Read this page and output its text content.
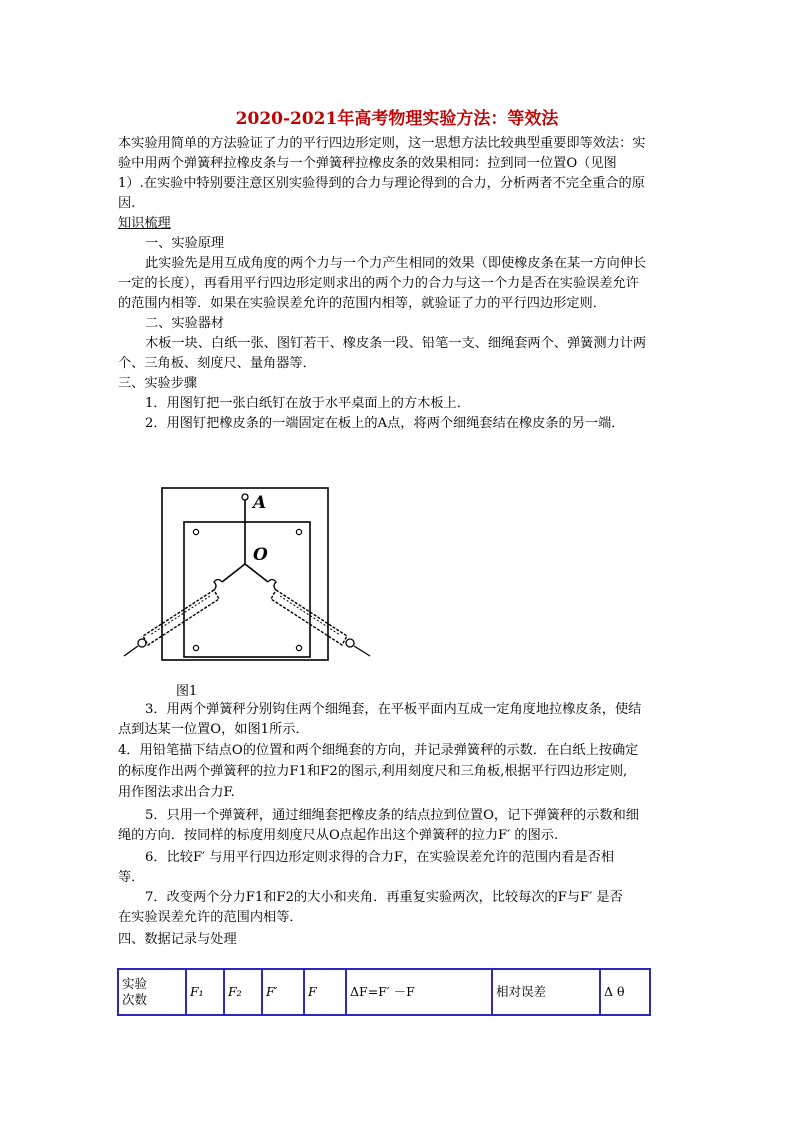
2020-2021年高考物理实验方法：等效法
本实验用简单的方法验证了力的平行四边形定则，这一思想方法比较典型重要即等效法：实
验中用两个弹簧秤拉橡皮条与一个弹簧秤拉橡皮条的效果相同：拉到同一位置O（见图
1）.在实验中特别要注意区别实验得到的合力与理论得到的合力，分析两者不完全重合的原
因.
知识梳理
一、实验原理
此实验先是用互成角度的两个力与一个力产生相同的效果（即使橡皮条在某一方向伸长
一定的长度），再看用平行四边形定则求出的两个力的合力与这一个力是否在实验误差允许
的范围内相等．如果在实验误差允许的范围内相等，就验证了力的平行四边形定则．
二、实验器材
木板一块、白纸一张、图钉若干、橡皮条一段、铅笔一支、细绳套两个、弹簧测力计两
个、三角板、刻度尺、量角器等．
三、实验步骤
1．用图钉把一张白纸钉在放于水平桌面上的方木板上．
2．用图钉把橡皮条的一端固定在板上的A点，将两个细绳套结在橡皮条的另一端．
A
O
图1
3．用两个弹簧秤分别钩住两个细绳套，在平板平面内互成一定角度地拉橡皮条，使结
点到达某一位置O，如图1所示．
4．用铅笔描下结点O的位置和两个细绳套的方向，并记录弹簧秤的示数．在白纸上按确定
的标度作出两个弹簧秤的拉力F1和F2的图示,利用刻度尺和三角板,根据平行四边形定则,
用作图法求出合力F.
5．只用一个弹簧秤，通过细绳套把橡皮条的结点拉到位置O，记下弹簧秤的示数和细
绳的方向．按同样的标度用刻度尺从O点起作出这个弹簧秤的拉力F′ 的图示.
6．比较F′ 与用平行四边形定则求得的合力F，在实验误差允许的范围内看是否相
等．
7．改变两个分力F1和F2的大小和夹角．再重复实验两次，比较每次的F与F′ 是否
在实验误差允许的范围内相等．
四、数据记录与处理
实验
次数	F₁	F₂	F′	F	ΔF=F′ －F	相对误差	Δ θ
